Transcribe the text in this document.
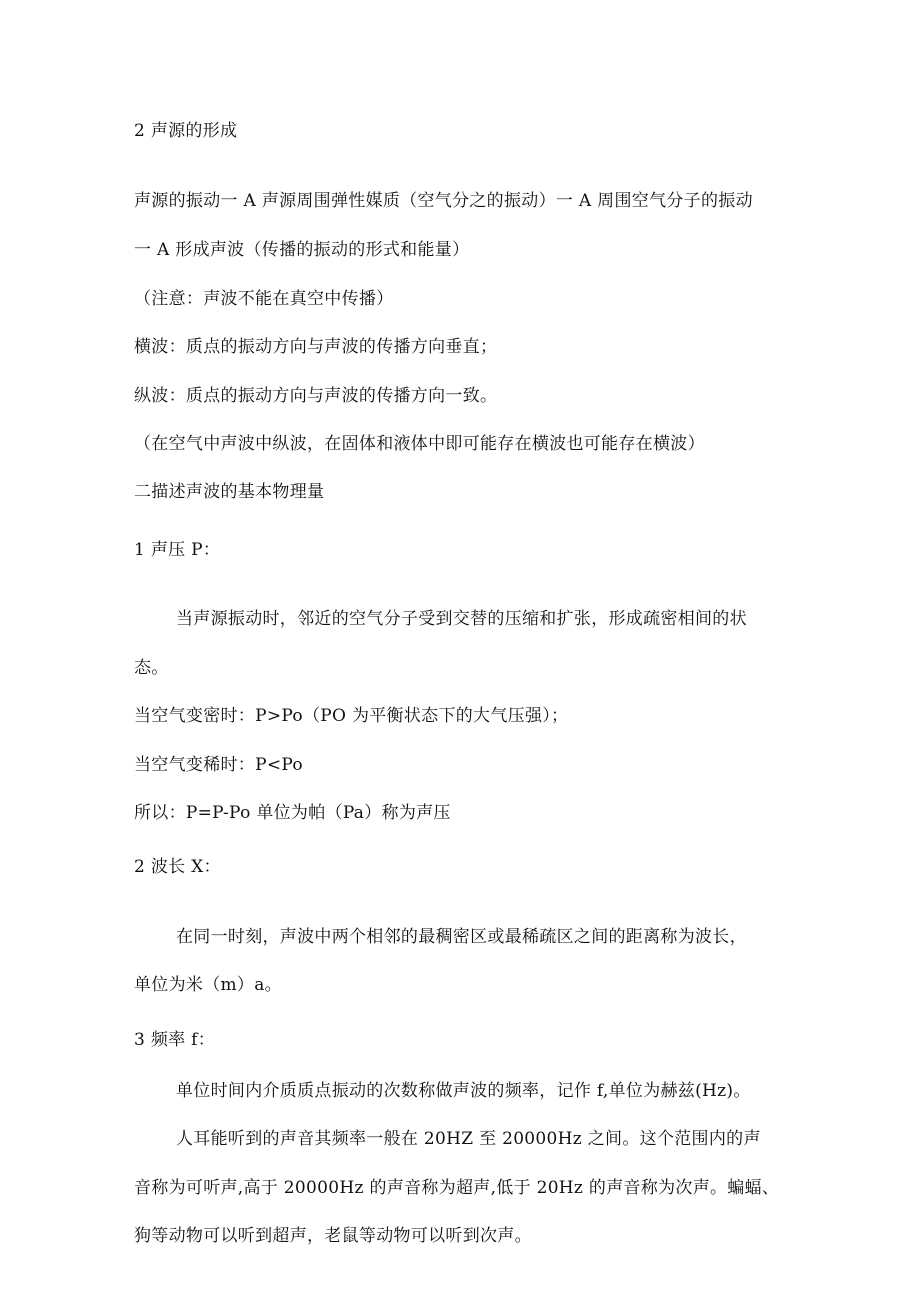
2 声源的形成
声源的振动一 A 声源周围弹性媒质（空气分之的振动）一 A 周围空气分子的振动
一 A 形成声波（传播的振动的形式和能量）
（注意：声波不能在真空中传播）
横波：质点的振动方向与声波的传播方向垂直；
纵波：质点的振动方向与声波的传播方向一致。
（在空气中声波中纵波，在固体和液体中即可能存在横波也可能存在横波）
二描述声波的基本物理量
1 声压 P：
当声源振动时，邻近的空气分子受到交替的压缩和扩张，形成疏密相间的状
态。
当空气变密时：P>Po（PO 为平衡状态下的大气压强）；
当空气变稀时：P<Po
所以：P=P-Po 单位为帕（Pa）称为声压
2 波长 X：
在同一时刻，声波中两个相邻的最稠密区或最稀疏区之间的距离称为波长，
单位为米（m）a。
3 频率 f：
单位时间内介质质点振动的次数称做声波的频率，记作 f,单位为赫兹(Hz)。
人耳能听到的声音其频率一般在 20HZ 至 20000Hz 之间。这个范围内的声
音称为可听声,高于 20000Hz 的声音称为超声,低于 20Hz 的声音称为次声。蝙蝠、
狗等动物可以听到超声，老鼠等动物可以听到次声。
